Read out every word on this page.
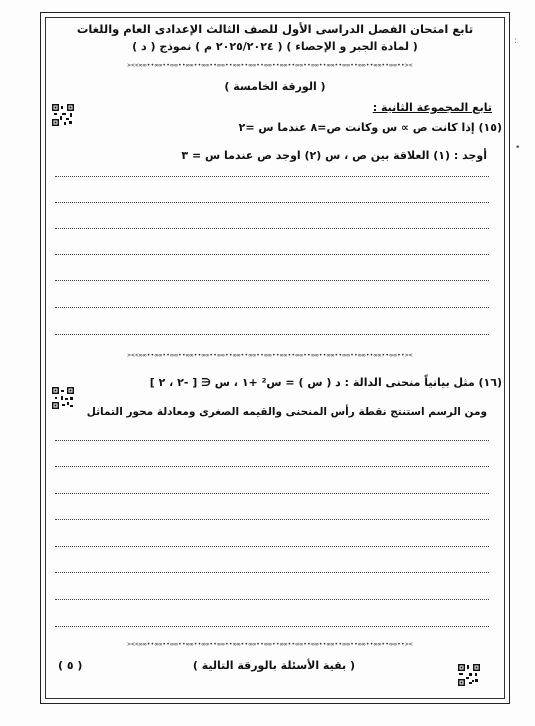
تابع امتحان الفصل الدراسى الأول للصف الثالث الإعدادى العام واللغات
( لمادة الجبر و الإحصاء ) ( ٢٠٢٥/٢٠٢٤ م ) نموذج ( د )
><<∞∞••∞∞••∞∞••∞∞••∞∞••∞∞••∞∞••∞∞••∞∞••∞∞••∞∞••∞∞••∞∞••∞∞••∞∞••∞∞••∞∞••><
( الورقة الخامسة )
تابع المجموعة الثانية :
(١٥) إذا كانت ص ∝ س وكانت ص=٨ عندما س =٢
أوجد : (١) العلاقة بين ص ، س (٢) اوجد ص عندما س = ٣
><<∞∞••∞∞••∞∞••∞∞••∞∞••∞∞••∞∞••∞∞••∞∞••∞∞••∞∞••∞∞••∞∞••∞∞••∞∞••∞∞••∞∞••><
(١٦) مثل بيانياً منحنى الدالة : د ( س ) = س² +١ ، س ∈ [ -٢ ، ٢ ]
ومن الرسم استنتج نقطة رأس المنحنى والقيمه الصغرى ومعادلة محور التماثل
><<∞∞••∞∞••∞∞••∞∞••∞∞••∞∞••∞∞••∞∞••∞∞••∞∞••∞∞••∞∞••∞∞••∞∞••∞∞••∞∞••∞∞••><
( بقية الأسئلة بالورقة التالية )
( ٥ )
:
•
